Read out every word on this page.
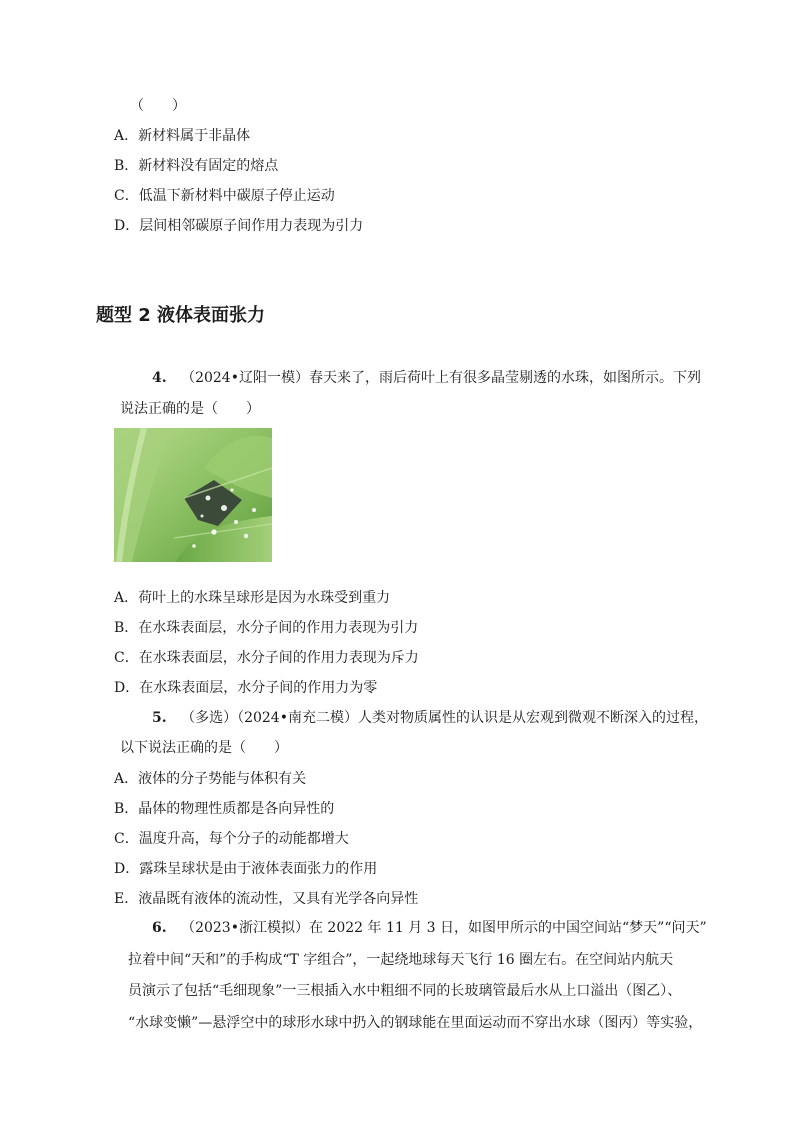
（　　）
A．新材料属于非晶体
B．新材料没有固定的熔点
C．低温下新材料中碳原子停止运动
D．层间相邻碳原子间作用力表现为引力
题型 2 液体表面张力
4. （2024•辽阳一模）春天来了，雨后荷叶上有很多晶莹剔透的水珠，如图所示。下列
说法正确的是（　　）
A．荷叶上的水珠呈球形是因为水珠受到重力
B．在水珠表面层，水分子间的作用力表现为引力
C．在水珠表面层，水分子间的作用力表现为斥力
D．在水珠表面层，水分子间的作用力为零
5. （多选）（2024•南充二模）人类对物质属性的认识是从宏观到微观不断深入的过程，
以下说法正确的是（　　）
A．液体的分子势能与体积有关
B．晶体的物理性质都是各向异性的
C．温度升高，每个分子的动能都增大
D．露珠呈球状是由于液体表面张力的作用
E．液晶既有液体的流动性，又具有光学各向异性
6. （2023•浙江模拟）在 2022 年 11 月 3 日，如图甲所示的中国空间站“梦天”“问天”
拉着中间“天和”的手构成“T 字组合”，一起绕地球每天飞行 16 圈左右。在空间站内航天
员演示了包括“毛细现象”一三根插入水中粗细不同的长玻璃管最后水从上口溢出（图乙）、
“水球变懒”—悬浮空中的球形水球中扔入的钢球能在里面运动而不穿出水球（图丙）等实验，
